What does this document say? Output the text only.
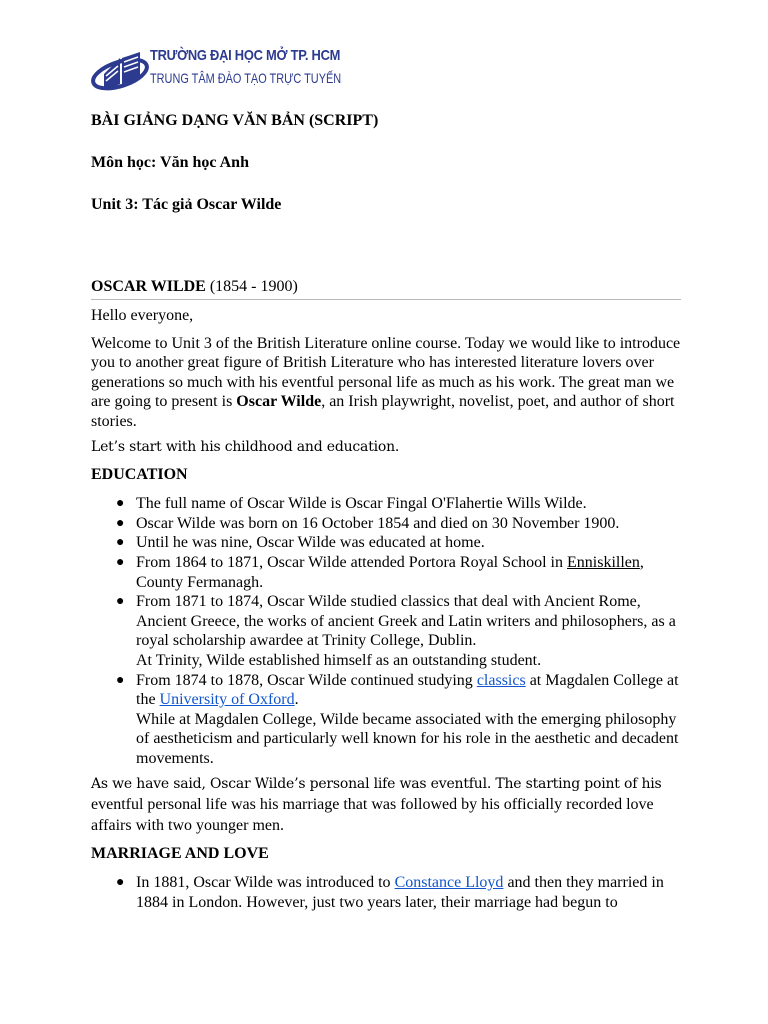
TRƯỜNG ĐẠI HỌC MỞ TP. HCM
TRUNG TÂM ĐÀO TẠO TRỰC TUYẾN

BÀI GIẢNG DẠNG VĂN BẢN (SCRIPT)

Môn học: Văn học Anh

Unit 3: Tác giả Oscar Wilde

OSCAR WILDE (1854 - 1900)

Hello everyone,

Welcome to Unit 3 of the British Literature online course. Today we would like to introduce you to another great figure of British Literature who has interested literature lovers over generations so much with his eventful personal life as much as his work. The great man we are going to present is Oscar Wilde, an Irish playwright, novelist, poet, and author of short stories.

Let’s start with his childhood and education.

EDUCATION

● The full name of Oscar Wilde is Oscar Fingal O'Flahertie Wills Wilde.
● Oscar Wilde was born on 16 October 1854 and died on 30 November 1900.
● Until he was nine, Oscar Wilde was educated at home.
● From 1864 to 1871, Oscar Wilde attended Portora Royal School in Enniskillen, County Fermanagh.
● From 1871 to 1874, Oscar Wilde studied classics that deal with Ancient Rome, Ancient Greece, the works of ancient Greek and Latin writers and philosophers, as a royal scholarship awardee at Trinity College, Dublin.
At Trinity, Wilde established himself as an outstanding student.
● From 1874 to 1878, Oscar Wilde continued studying classics at Magdalen College at the University of Oxford.
While at Magdalen College, Wilde became associated with the emerging philosophy of aestheticism and particularly well known for his role in the aesthetic and decadent movements.

As we have said, Oscar Wilde’s personal life was eventful. The starting point of his eventful personal life was his marriage that was followed by his officially recorded love affairs with two younger men.

MARRIAGE AND LOVE

● In 1881, Oscar Wilde was introduced to Constance Lloyd and then they married in 1884 in London. However, just two years later, their marriage had begun to
